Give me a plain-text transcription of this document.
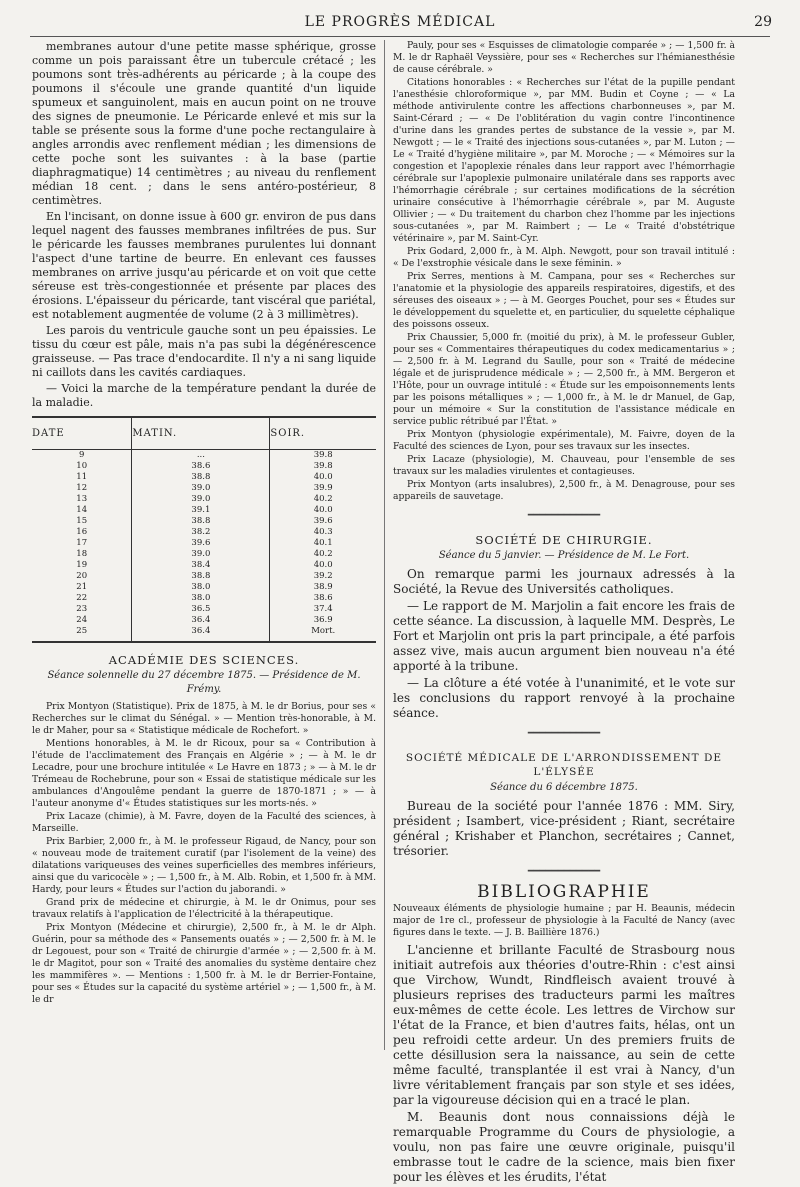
LE PROGRÈS MÉDICAL	29

membranes autour d'une petite masse sphérique, grosse comme un pois paraissant être un tubercule crétacé ; les poumons sont très-adhérents au péricarde ; à la coupe des poumons il s'écoule une grande quantité d'un liquide spumeux et sanguinolent, mais en aucun point on ne trouve des signes de pneumonie. Le Péricarde enlevé et mis sur la table se présente sous la forme d'une poche rectangulaire à angles arrondis avec renflement médian ; les dimensions de cette poche sont les suivantes : à la base (partie diaphragmatique) 14 centimètres ; au niveau du renflement médian 18 cent. ; dans le sens antéro-postérieur, 8 centimètres.

En l'incisant, on donne issue à 600 gr. environ de pus dans lequel nagent des fausses membranes infiltrées de pus. Sur le péricarde les fausses membranes purulentes lui donnant l'aspect d'une tartine de beurre. En enlevant ces fausses membranes on arrive jusqu'au péricarde et on voit que cette séreuse est très-congestionnée et présente par places des érosions. L'épaisseur du péricarde, tant viscéral que pariétal, est notablement augmentée de volume (2 à 3 millimètres).

Les parois du ventricule gauche sont un peu épaissies. Le tissu du cœur est pâle, mais n'a pas subi la dégénérescence graisseuse. — Pas trace d'endocardite. Il n'y a ni sang liquide ni caillots dans les cavités cardiaques.

— Voici la marche de la température pendant la durée de la maladie.

DATE	MATIN.	SOIR.
9	...	39.8
10	38.6	39.8
11	38.8	40.0
12	39.0	39.9
13	39.0	40.2
14	39.1	40.0
15	38.8	39.6
16	38.2	40.3
17	39.6	40.1
18	39.0	40.2
19	38.4	40.0
20	38.8	39.2
21	38.0	38.9
22	38.0	38.6
23	36.5	37.4
24	36.4	36.9
25	36.4	Mort.
ACADÉMIE DES SCIENCES.
Séance solennelle du 27 décembre 1875. — Présidence de M. Frémy.

Prix Montyon (Statistique). Prix de 1875, à M. le dr Borius, pour ses « Recherches sur le climat du Sénégal. » — Mention très-honorable, à M. le dr Maher, pour sa « Statistique médicale de Rochefort. »

Mentions honorables, à M. le dr Ricoux, pour sa « Contribution à l'étude de l'acclimatement des Français en Algérie » ; — à M. le dr Lecadre, pour une brochure intitulée « Le Havre en 1873 ; » — à M. le dr Trémeau de Rochebrune, pour son « Essai de statistique médicale sur les ambulances d'Angoulême pendant la guerre de 1870-1871 ; » — à l'auteur anonyme d'« Études statistiques sur les morts-nés. »

Prix Lacaze (chimie), à M. Favre, doyen de la Faculté des sciences, à Marseille.

Prix Barbier, 2,000 fr., à M. le professeur Rigaud, de Nancy, pour son « nouveau mode de traitement curatif (par l'isolement de la veine) des dilatations variqueuses des veines superficielles des membres inférieurs, ainsi que du varicocèle » ; — 1,500 fr., à M. Alb. Robin, et 1,500 fr. à MM. Hardy, pour leurs « Études sur l'action du jaborandi. »

Grand prix de médecine et chirurgie, à M. le dr Onimus, pour ses travaux relatifs à l'application de l'électricité à la thérapeutique.

Prix Montyon (Médecine et chirurgie), 2,500 fr., à M. le dr Alph. Guérin, pour sa méthode des « Pansements ouatés » ; — 2,500 fr. à M. le dr Legouest, pour son « Traité de chirurgie d'armée » ; — 2,500 fr. à M. le dr Magitot, pour son « Traité des anomalies du système dentaire chez les mammifères ». — Mentions : 1,500 fr. à M. le dr Berrier-Fontaine, pour ses « Études sur la capacité du système artériel » ; — 1,500 fr., à M. le dr

Pauly, pour ses « Esquisses de climatologie comparée » ; — 1,500 fr. à M. le dr Raphaël Veyssière, pour ses « Recherches sur l'hémianesthésie de cause cérébrale. »

Citations honorables : « Recherches sur l'état de la pupille pendant l'anesthésie chloroformique », par MM. Budin et Coyne ; — « La méthode antivirulente contre les affections charbonneuses », par M. Saint-Cérard ; — « De l'oblitération du vagin contre l'incontinence d'urine dans les grandes pertes de substance de la vessie », par M. Newgott ; — le « Traité des injections sous-cutanées », par M. Luton ; — Le « Traité d'hygiène militaire », par M. Moroche ; — « Mémoires sur la congestion et l'apoplexie rénales dans leur rapport avec l'hémorrhagie cérébrale sur l'apoplexie pulmonaire unilatérale dans ses rapports avec l'hémorrhagie cérébrale ; sur certaines modifications de la sécrétion urinaire consécutive à l'hémorrhagie cérébrale », par M. Auguste Ollivier ; — « Du traitement du charbon chez l'homme par les injections sous-cutanées », par M. Raimbert ; — Le « Traité d'obstétrique vétérinaire », par M. Saint-Cyr.

Prix Godard, 2,000 fr., à M. Alph. Newgott, pour son travail intitulé : « De l'exstrophie vésicale dans le sexe féminin. »

Prix Serres, mentions à M. Campana, pour ses « Recherches sur l'anatomie et la physiologie des appareils respiratoires, digestifs, et des séreuses des oiseaux » ; — à M. Georges Pouchet, pour ses « Études sur le développement du squelette et, en particulier, du squelette céphalique des poissons osseux.

Prix Chaussier, 5,000 fr. (moitié du prix), à M. le professeur Gubler, pour ses « Commentaires thérapeutiques du codex medicamentarius » ; — 2,500 fr. à M. Legrand du Saulle, pour son « Traité de médecine légale et de jurisprudence médicale » ; — 2,500 fr., à MM. Bergeron et l'Hôte, pour un ouvrage intitulé : « Étude sur les empoisonnements lents par les poisons métalliques » ; — 1,000 fr., à M. le dr Manuel, de Gap, pour un mémoire « Sur la constitution de l'assistance médicale en service public rétribué par l'État. »

Prix Montyon (physiologie expérimentale), M. Faivre, doyen de la Faculté des sciences de Lyon, pour ses travaux sur les insectes.

Prix Lacaze (physiologie), M. Chauveau, pour l'ensemble de ses travaux sur les maladies virulentes et contagieuses.

Prix Montyon (arts insalubres), 2,500 fr., à M. Denagrouse, pour ses appareils de sauvetage.

━━━━━━━━━━━━
SOCIÉTÉ DE CHIRURGIE.
Séance du 5 janvier. — Présidence de M. Le Fort.

On remarque parmi les journaux adressés à la Société, la Revue des Universités catholiques.

— Le rapport de M. Marjolin a fait encore les frais de cette séance. La discussion, à laquelle MM. Desprès, Le Fort et Marjolin ont pris la part principale, a été parfois assez vive, mais aucun argument bien nouveau n'a été apporté à la tribune.

— La clôture a été votée à l'unanimité, et le vote sur les conclusions du rapport renvoyé à la prochaine séance.

━━━━━━━━━━━━
SOCIÉTÉ MÉDICALE DE L'ARRONDISSEMENT DE L'ÉLYSÉE
Séance du 6 décembre 1875.

Bureau de la société pour l'année 1876 : MM. Siry, président ; Isambert, vice-président ; Riant, secrétaire général ; Krishaber et Planchon, secrétaires ; Cannet, trésorier.

━━━━━━━━━━━━
BIBLIOGRAPHIE
Nouveaux éléments de physiologie humaine ; par H. Beaunis, médecin major de 1re cl., professeur de physiologie à la Faculté de Nancy (avec figures dans le texte. — J. B. Baillière 1876.)

L'ancienne et brillante Faculté de Strasbourg nous initiait autrefois aux théories d'outre-Rhin : c'est ainsi que Virchow, Wundt, Rindfleisch avaient trouvé à plusieurs reprises des traducteurs parmi les maîtres eux-mêmes de cette école. Les lettres de Virchow sur l'état de la France, et bien d'autres faits, hélas, ont un peu refroidi cette ardeur. Un des premiers fruits de cette désillusion sera la naissance, au sein de cette même faculté, transplantée il est vrai à Nancy, d'un livre véritablement français par son style et ses idées, par la vigoureuse décision qui en a tracé le plan.

M. Beaunis dont nous connaissions déjà le remarquable Programme du Cours de physiologie, a voulu, non pas faire une œuvre originale, puisqu'il embrasse tout le cadre de la science, mais bien fixer pour les élèves et les érudits, l'état
